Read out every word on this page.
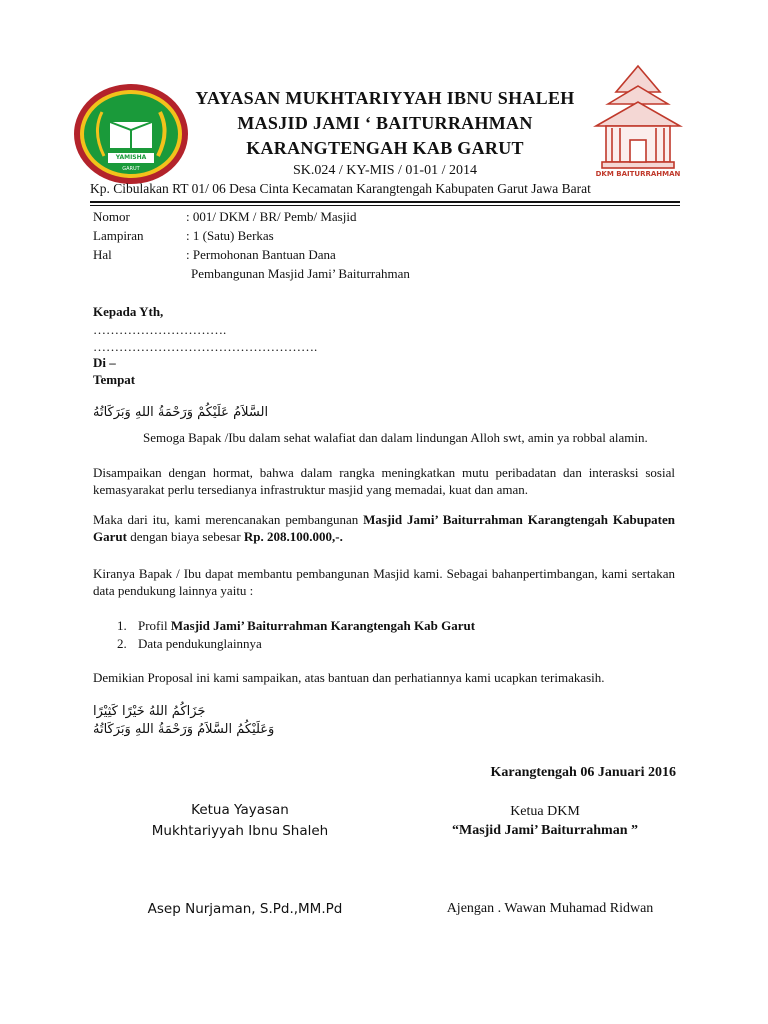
YAMISHA
GARUT
DKM BAITURRAHMAN
YAYASAN MUKHTARIYYAH IBNU SHALEH
MASJID JAMI ‘ BAITURRAHMAN
KARANGTENGAH KAB GARUT
SK.024 / KY-MIS / 01-01 / 2014
Kp. Cibulakan RT 01/ 06 Desa Cinta Kecamatan Karangtengah Kabupaten Garut Jawa Barat
Nomor	: 001/ DKM / BR/ Pemb/ Masjid
Lampiran	: 1 (Satu) Berkas
Hal	: Permohonan Bantuan Dana
Pembangunan Masjid Jami’ Baiturrahman
Kepada Yth,
………………………….
…………………………………………….
Di –
Tempat
السَّلاَمُ عَلَيْكُمْ وَرَحْمَةُ اللهِ وَبَرَكَاتُهُ
Semoga Bapak /Ibu dalam sehat walafiat dan dalam lindungan Alloh swt, amin ya robbal alamin.
Disampaikan dengan hormat, bahwa dalam rangka meningkatkan mutu peribadatan dan interasksi sosial kemasyarakat perlu tersedianya infrastruktur masjid yang memadai, kuat dan aman.
Maka dari itu, kami merencanakan pembangunan Masjid Jami’ Baiturrahman Karangtengah Kabupaten Garut dengan biaya sebesar Rp. 208.100.000,-.
Kiranya Bapak / Ibu dapat membantu pembangunan Masjid kami. Sebagai bahanpertimbangan, kami sertakan data pendukung lainnya yaitu :
1. Profil Masjid Jami’ Baiturrahman Karangtengah Kab Garut
2. Data pendukunglainnya
Demikian Proposal ini kami sampaikan, atas bantuan dan perhatiannya kami ucapkan terimakasih.
جَزَاكُمُ اللهُ خَيْرًا كَثِيْرًا
وَعَلَيْكُمُ السَّلاَمُ وَرَحْمَةُ اللهِ وَبَرَكَاتُهُ
Karangtengah 06 Januari 2016
Ketua Yayasan
Mukhtariyyah Ibnu Shaleh
Asep Nurjaman, S.Pd.,MM.Pd
Ketua DKM
“Masjid Jami’ Baiturrahman ”
Ajengan . Wawan Muhamad Ridwan
